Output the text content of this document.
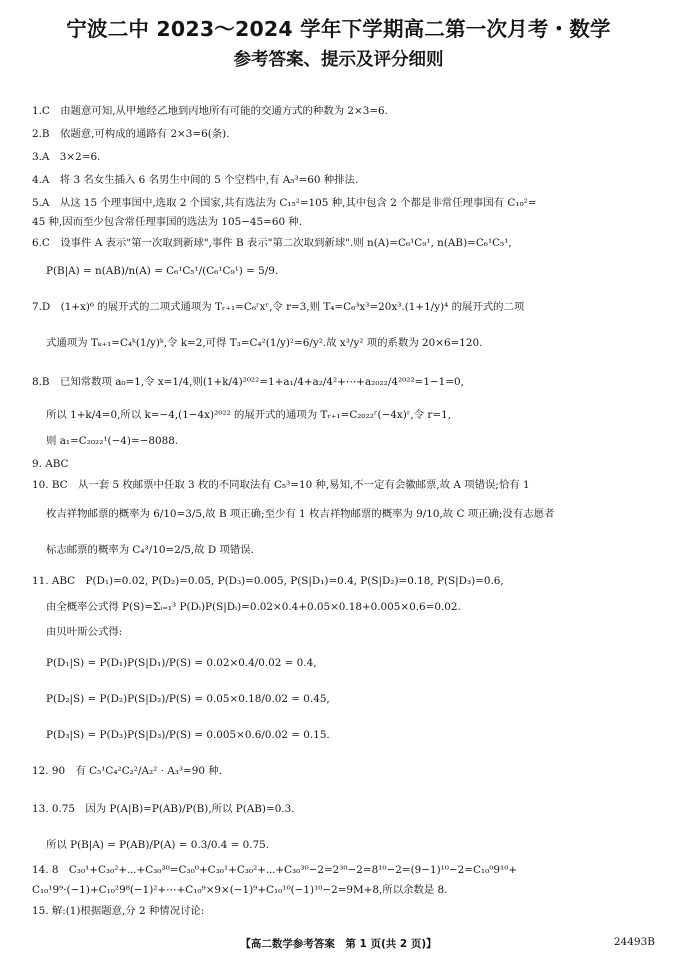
宁波二中 2023～2024 学年下学期高二第一次月考・数学
参考答案、提示及评分细则
1.C　由题意可知,从甲地经乙地到丙地所有可能的交通方式的种数为 2×3=6.
2.B　依题意,可构成的通路有 2×3=6(条).
3.A　3×2=6.
4.A　将 3 名女生插入 6 名男生中间的 5 个空档中,有 A₅³=60 种排法.
5.A　从这 15 个理事国中,选取 2 个国家,共有选法为 C₁₅²=105 种,其中包含 2 个都是非常任理事国有 C₁₀²=
45 种,因而至少包含常任理事国的选法为 105−45=60 种.
6.C　设事件 A 表示"第一次取到新球",事件 B 表示"第二次取到新球".则 n(A)=C₆¹C₉¹, n(AB)=C₆¹C₅¹,
P(B|A) = n(AB)/n(A) = C₆¹C₅¹/(C₆¹C₉¹) = 5/9.
7.D　(1+x)⁶ 的展开式的二项式通项为 Tᵣ₊₁=C₆ʳxʳ,令 r=3,则 T₄=C₆³x³=20x³.(1+1/y)⁴ 的展开式的二项
式通项为 Tₖ₊₁=C₄ᵏ(1/y)ᵏ,令 k=2,可得 T₃=C₄²(1/y)²=6/y².故 x³/y² 项的系数为 20×6=120.
8.B　已知常数项 a₀=1,令 x=1/4,则(1+k/4)²⁰²²=1+a₁/4+a₂/4²+⋯+a₂₀₂₂/4²⁰²²=1−1=0,
所以 1+k/4=0,所以 k=−4,(1−4x)²⁰²² 的展开式的通项为 Tᵣ₊₁=C₂₀₂₂ʳ(−4x)ʳ,令 r=1,
则 a₁=C₂₀₂₂¹(−4)=−8088.
9. ABC
10. BC　从一套 5 枚邮票中任取 3 枚的不同取法有 C₅³=10 种,易知,不一定有会徽邮票,故 A 项错误;恰有 1
枚吉祥物邮票的概率为 6/10=3/5,故 B 项正确;至少有 1 枚吉祥物邮票的概率为 9/10,故 C 项正确;没有志愿者
标志邮票的概率为 C₄³/10=2/5,故 D 项错误.
11. ABC　P(D₁)=0.02, P(D₂)=0.05, P(D₃)=0.005, P(S|D₁)=0.4, P(S|D₂)=0.18, P(S|D₃)=0.6,
由全概率公式得 P(S)=Σᵢ₌₁³ P(Dᵢ)P(S|Dᵢ)=0.02×0.4+0.05×0.18+0.005×0.6=0.02.
由贝叶斯公式得:
P(D₁|S) = P(D₁)P(S|D₁)/P(S) = 0.02×0.4/0.02 = 0.4,
P(D₂|S) = P(D₂)P(S|D₂)/P(S) = 0.05×0.18/0.02 = 0.45,
P(D₃|S) = P(D₃)P(S|D₃)/P(S) = 0.005×0.6/0.02 = 0.15.
12. 90　有 C₅¹C₄²C₂²/A₂² · A₃³=90 种.
13. 0.75　因为 P(A|B)=P(AB)/P(B),所以 P(AB)=0.3.
所以 P(B|A) = P(AB)/P(A) = 0.3/0.4 = 0.75.
14. 8　C₃₀¹+C₃₀²+⋯+C₃₀³⁰=C₃₀⁰+C₃₀¹+C₃₀²+⋯+C₃₀³⁰−2=2³⁰−2=8¹⁰−2=(9−1)¹⁰−2=C₁₀⁰9¹⁰+
C₁₀¹9⁹·(−1)+C₁₀²9⁸(−1)²+⋯+C₁₀⁹×9×(−1)⁹+C₁₀¹⁰(−1)¹⁰−2=9M+8,所以余数是 8.
15. 解:(1)根据题意,分 2 种情况讨论:
【高二数学参考答案　第 1 页(共 2 页)】	24493B
